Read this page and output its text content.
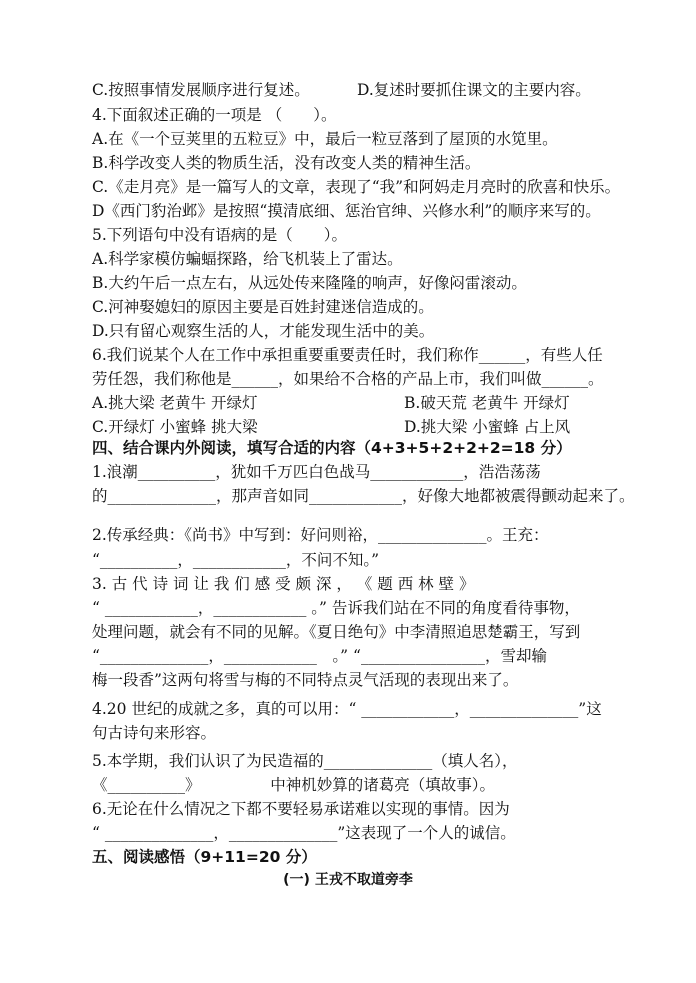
C.按照事情发展顺序进行复述。	D.复述时要抓住课文的主要内容。
4.下面叙述正确的一项是 （　　）。
A.在《一个豆荚里的五粒豆》中，最后一粒豆落到了屋顶的水笕里。
B.科学改变人类的物质生活，没有改变人类的精神生活。
C.《走月亮》是一篇写人的文章，表现了“我”和阿妈走月亮时的欣喜和快乐。
D《西门豹治邺》是按照“摸清底细、惩治官绅、兴修水利”的顺序来写的。
5.下列语句中没有语病的是（　　）。
A.科学家模仿蝙蝠探路，给飞机装上了雷达。
B.大约午后一点左右，从远处传来隆隆的响声，好像闷雷滚动。
C.河神娶媳妇的原因主要是百姓封建迷信造成的。
D.只有留心观察生活的人，才能发现生活中的美。
6.我们说某个人在工作中承担重要重要责任时，我们称作______，有些人任
劳任怨，我们称他是______，如果给不合格的产品上市，我们叫做______。
A.挑大梁 老黄牛 开绿灯	B.破天荒 老黄牛 开绿灯
C.开绿灯 小蜜蜂 挑大梁	D.挑大梁 小蜜蜂 占上风
四、结合课内外阅读，填写合适的内容（4+3+5+2+2+2=18 分）
1.浪潮__________，犹如千万匹白色战马____________，浩浩荡荡
的______________，那声音如同____________，好像大地都被震得颤动起来了。
2.传承经典：《尚书》中写到：好问则裕，______________。王充：
“__________，____________，不问不知。”
3. 古 代 诗 词 让 我 们 感 受 颇 深 ， 《 题 西 林 壁 》
“ ____________，____________ 。” 告诉我们站在不同的角度看待事物，
处理问题，就会有不同的见解。《夏日绝句》中李清照追思楚霸王，写到
“______________，____________　。” “________________，雪却输
梅一段香”这两句将雪与梅的不同特点灵气活现的表现出来了。
4.20 世纪的成就之多，真的可以用：“ ____________，______________”这
句古诗句来形容。
5.本学期，我们认识了为民造福的______________（填人名），
《__________》　　　　　中神机妙算的诸葛亮（填故事）。
6.无论在什么情况之下都不要轻易承诺难以实现的事情。因为
“ ______________，______________”这表现了一个人的诚信。
五、阅读感悟（9+11=20 分）
(一) 王戎不取道旁李
